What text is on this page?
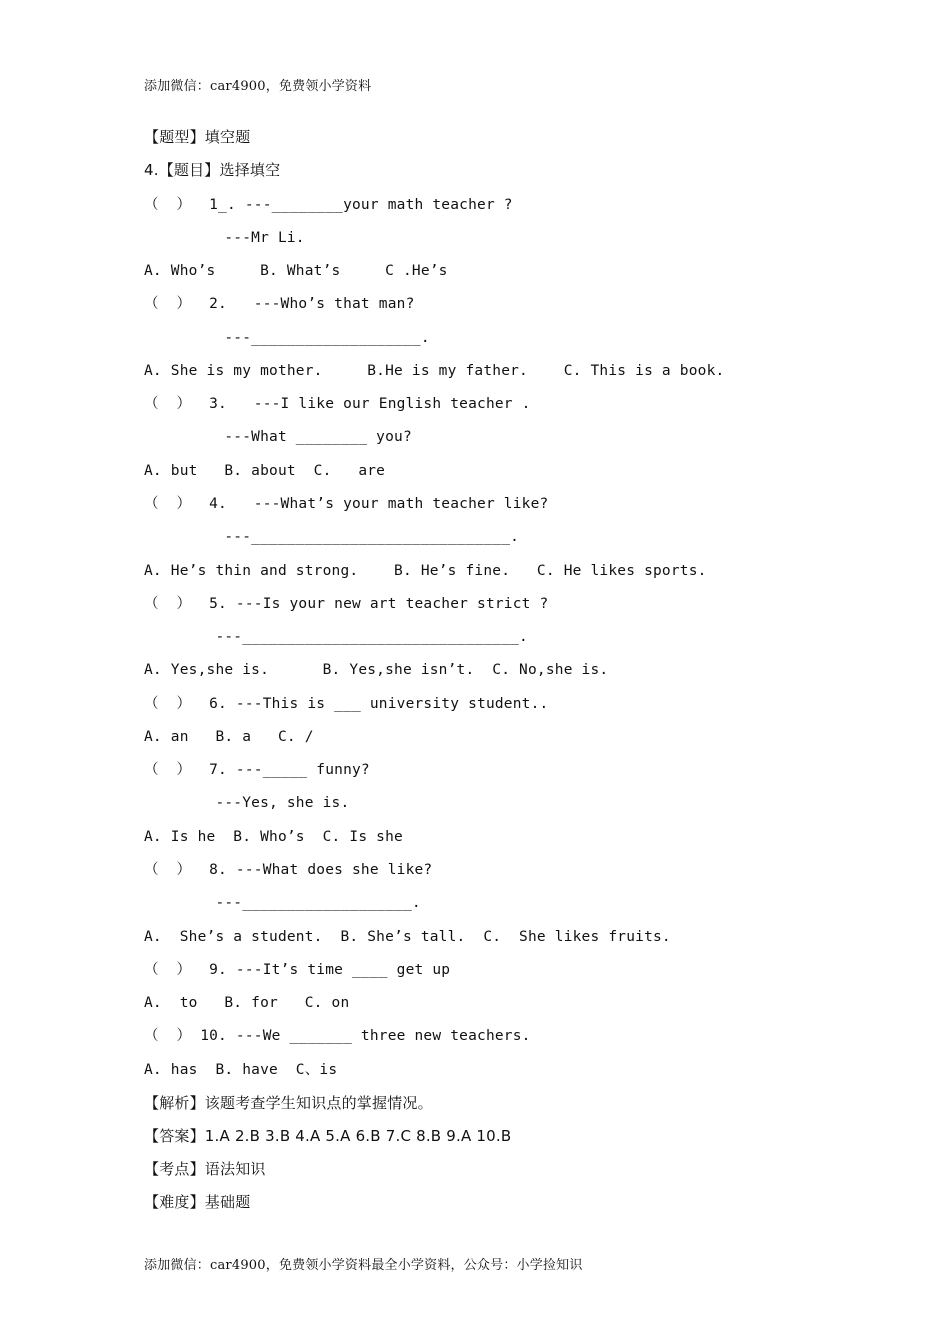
添加微信：car4900，免费领小学资料
【题型】填空题
4.【题目】选择填空
（  ）  1_. ---________your math teacher ?
---Mr Li.
A. Who’s     B. What’s     C .He’s
（  ）  2.   ---Who’s that man?
---___________________.
A. She is my mother.     B.He is my father.    C. This is a book.
（  ）  3.   ---I like our English teacher .
---What ________ you?
A. but   B. about  C.   are
（  ）  4.   ---What’s your math teacher like?
---_____________________________.
A. He’s thin and strong.    B. He’s fine.   C. He likes sports.
（  ）  5. ---Is your new art teacher strict ?
---_______________________________.
A. Yes,she is.      B. Yes,she isn’t.  C. No,she is.
（  ）  6. ---This is ___ university student..
A. an   B. a   C. /
（  ）  7. ---_____ funny?
---Yes, she is.
A. Is he  B. Who’s  C. Is she
（  ）  8. ---What does she like?
---___________________.
A.  She’s a student.  B. She’s tall.  C.  She likes fruits.
（  ）  9. ---It’s time ____ get up
A.  to   B. for   C. on
（  ） 10. ---We _______ three new teachers.
A. has  B. have  C、is
【解析】该题考查学生知识点的掌握情况。
【答案】1.A 2.B 3.B 4.A 5.A 6.B 7.C 8.B 9.A 10.B
【考点】语法知识
【难度】基础题
添加微信：car4900，免费领小学资料最全小学资料，公众号：小学捡知识
